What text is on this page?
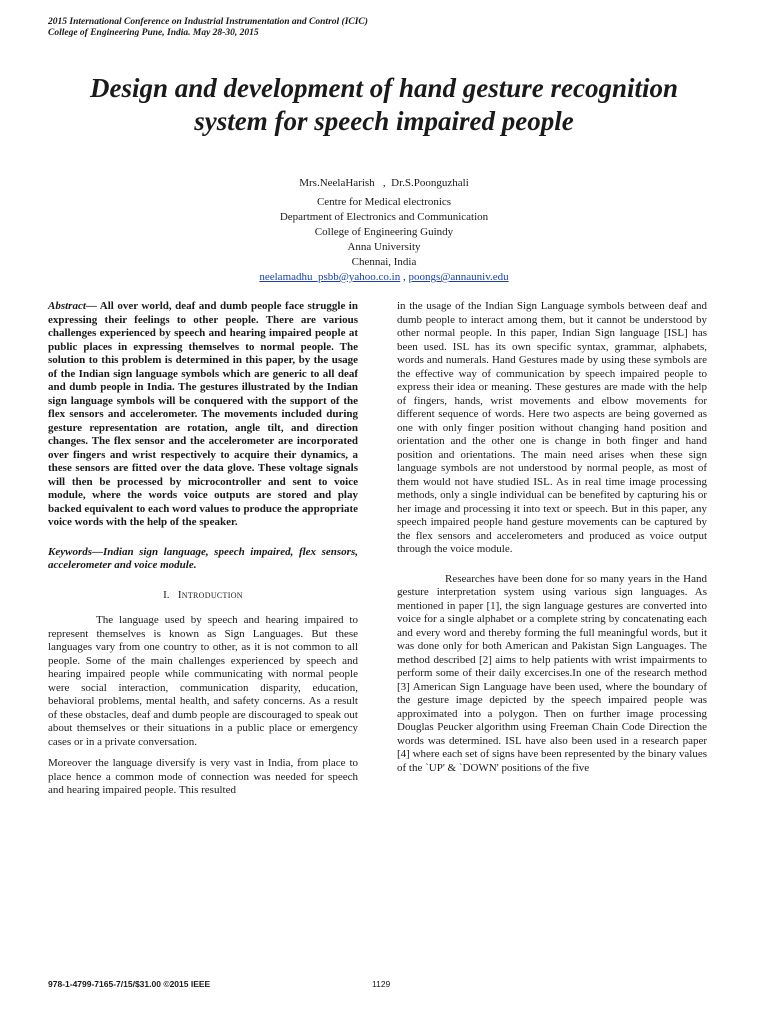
2015 International Conference on Industrial Instrumentation and Control (ICIC)
College of Engineering Pune, India. May 28-30, 2015
Design and development of hand gesture recognition
system for speech impaired people
Mrs.NeelaHarish   ,  Dr.S.Poonguzhali
Centre for Medical electronics
Department of Electronics and Communication
College of Engineering Guindy
Anna University
Chennai, India
neelamadhu_psbb@yahoo.co.in , poongs@annauniv.edu

Abstract— All over world, deaf and dumb people face struggle in expressing their feelings to other people. There are various challenges experienced by speech and hearing impaired people at public places in expressing themselves to normal people. The solution to this problem is determined in this paper, by the usage of the Indian sign language symbols which are generic to all deaf and dumb people in India. The gestures illustrated by the Indian sign language symbols will be conquered with the support of the flex sensors and accelerometer. The movements included during gesture representation are rotation, angle tilt, and direction changes. The flex sensor and the accelerometer are incorporated over fingers and wrist respectively to acquire their dynamics, a these sensors are fitted over the data glove. These voltage signals will then be processed by microcontroller and sent to voice module, where the words voice outputs are stored and play backed equivalent to each word values to produce the appropriate voice words with the help of the speaker.

Keywords—Indian sign language, speech impaired, flex sensors, accelerometer and voice module.

I. Introduction

The language used by speech and hearing impaired to represent themselves is known as Sign Languages. But these languages vary from one country to other, as it is not common to all people. Some of the main challenges experienced by speech and hearing impaired people while communicating with normal people were social interaction, communication disparity, education, behavioral problems, mental health, and safety concerns. As a result of these obstacles, deaf and dumb people are discouraged to speak out about themselves or their situations in a public place or emergency cases or in a private conversation.

Moreover the language diversify is very vast in India, from place to place hence a common mode of connection was needed for speech and hearing impaired people. This resulted

in the usage of the Indian Sign Language symbols between deaf and dumb people to interact among them, but it cannot be understood by other normal people. In this paper, Indian Sign language [ISL] has been used. ISL has its own specific syntax, grammar, alphabets, words and numerals. Hand Gestures made by using these symbols are the effective way of communication by speech impaired people to express their idea or meaning. These gestures are made with the help of fingers, hands, wrist movements and elbow movements for different sequence of words. Here two aspects are being governed as one with only finger position without changing hand position and orientation and the other one is change in both finger and hand position and orientations. The main need arises when these sign language symbols are not understood by normal people, as most of them would not have studied ISL. As in real time image processing methods, only a single individual can be benefited by capturing his or her image and processing it into text or speech. But in this paper, any speech impaired people hand gesture movements can be captured by the flex sensors and accelerometers and produced as voice output through the voice module.

Researches have been done for so many years in the Hand gesture interpretation system using various sign languages. As mentioned in paper [1], the sign language gestures are converted into voice for a single alphabet or a complete string by concatenating each and every word and thereby forming the full meaningful words, but it was done only for both American and Pakistan Sign Languages. The method described [2] aims to help patients with wrist impairments to perform some of their daily excercises.In one of the research method [3] American Sign Language have been used, where the boundary of the gesture image depicted by the speech impaired people was approximated into a polygon. Then on further image processing Douglas Peucker algorithm using Freeman Chain Code Direction the words was determined. ISL have also been used in a research paper [4] where each set of signs have been represented by the binary values of the `UP' & `DOWN' positions of the five

978-1-4799-7165-7/15/$31.00 ©2015 IEEE	1129
